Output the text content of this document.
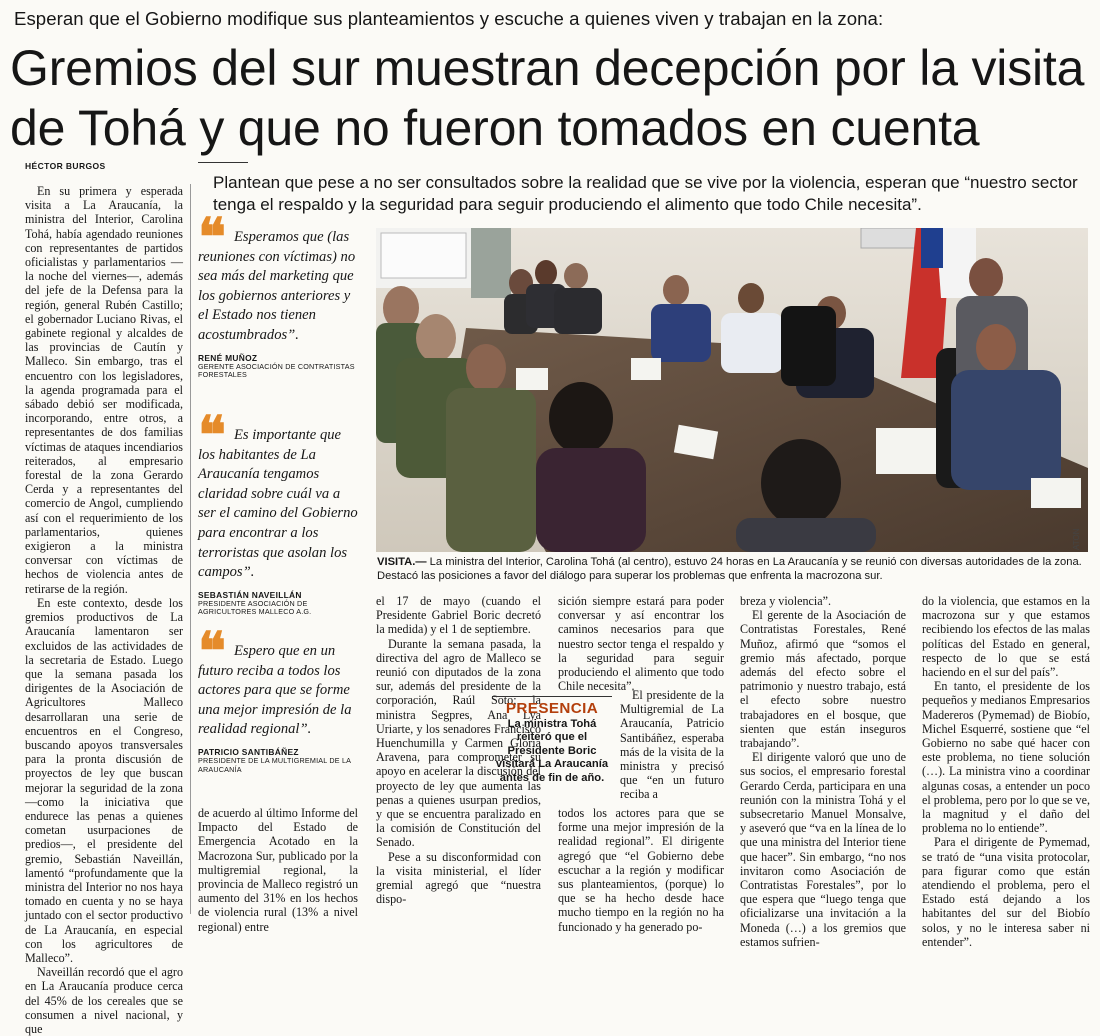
Esperan que el Gobierno modifique sus planteamientos y escuche a quienes viven y trabajan en la zona:
Gremios del sur muestran decepción por la visita de Tohá y que no fueron tomados en cuenta
HÉCTOR BURGOS

Plantean que pese a no ser consultados sobre la realidad que se vive por la violencia, esperan que “nuestro sector tenga el respaldo y la seguridad para seguir produciendo el alimento que todo Chile necesita”.

En su primera y esperada visita a La Araucanía, la ministra del Interior, Carolina Tohá, había agendado reuniones con representantes de partidos oficialistas y parlamentarios —la noche del viernes—, además del jefe de la Defensa para la región, general Rubén Castillo; el gobernador Luciano Rivas, el gabinete regional y alcaldes de las provincias de Cautín y Malleco. Sin embargo, tras el encuentro con los legisladores, la agenda programada para el sábado debió ser modificada, incorporando, entre otros, a representantes de dos familias víctimas de ataques incendiarios reiterados, al empresario forestal de la zona Gerardo Cerda y a representantes del comercio de Angol, cumpliendo así con el requerimiento de los parlamentarios, quienes exigieron a la ministra conversar con víctimas de hechos de violencia antes de retirarse de la región.

En este contexto, desde los gremios productivos de La Araucanía lamentaron ser excluidos de las actividades de la secretaria de Estado. Luego que la semana pasada los dirigentes de la Asociación de Agricultores Malleco desarrollaran una serie de encuentros en el Congreso, buscando apoyos transversales para la pronta discusión de proyectos de ley que buscan mejorar la seguridad de la zona —como la iniciativa que endurece las penas a quienes cometan usurpaciones de predios—, el presidente del gremio, Sebastián Naveillán, lamentó “profundamente que la ministra del Interior no nos haya tomado en cuenta y no se haya juntado con el sector productivo de La Araucanía, en especial con los agricultores de Malleco”.

Naveillán recordó que el agro en La Araucanía produce cerca del 45% de los cereales que se consumen a nivel nacional, y que

❝ Esperamos que (las reuniones con víctimas) no sea más del marketing que los gobiernos anteriores y el Estado nos tienen acostumbrados”.

RENÉ MUÑOZ
GERENTE ASOCIACIÓN DE CONTRATISTAS FORESTALES
❝ Es importante que los habitantes de La Araucanía tengamos claridad sobre cuál va a ser el camino del Gobierno para encontrar a los terroristas que asolan los campos”.

SEBASTIÁN NAVEILLÁN
PRESIDENTE ASOCIACIÓN DE AGRICULTORES MALLECO A.G.
❝ Espero que en un futuro reciba a todos los actores para que se forme una mejor impresión de la realidad regional”.

PATRICIO SANTIBÁÑEZ
PRESIDENTE DE LA MULTIGREMIAL DE LA ARAUCANÍA

de acuerdo al último Informe del Impacto del Estado de Emergencia Acotado en la Macrozona Sur, publicado por la multigremial regional, la provincia de Malleco registró un aumento del 31% en los hechos de violencia rural (13% a nivel regional) entre

ATON

VISITA.— La ministra del Interior, Carolina Tohá (al centro), estuvo 24 horas en La Araucanía y se reunió con diversas autoridades de la zona. Destacó las posiciones a favor del diálogo para superar los problemas que enfrenta la macrozona sur.

el 17 de mayo (cuando el Presidente Gabriel Boric decretó la medida) y el 1 de septiembre.

Durante la semana pasada, la directiva del agro de Malleco se reunió con diputados de la zona sur, además del presidente de la corporación, Raúl Soto; la ministra Segpres, Ana Lya Uriarte, y los senadores Francisco Huenchumilla y Carmen Gloria Aravena, para comprometer su apoyo en acelerar la discusión del proyecto de ley que aumenta las penas a quienes usurpan predios, y que se encuentra paralizado en la comisión de Constitución del Senado.

Pese a su disconformidad con la visita ministerial, el líder gremial agregó que “nuestra dispo-

sición siempre estará para poder conversar y así encontrar los caminos necesarios para que nuestro sector tenga el respaldo y la seguridad para seguir produciendo el alimento que todo Chile necesita”.

PRESENCIA
La ministra Tohá reiteró que el Presidente Boric visitará La Araucanía antes de fin de año.

El presidente de la Multigremial de La Araucanía, Patricio Santibáñez, esperaba más de la visita de la ministra y precisó que “en un futuro reciba a

todos los actores para que se forme una mejor impresión de la realidad regional”. El dirigente agregó que “el Gobierno debe escuchar a la región y modificar sus planteamientos, (porque) lo que se ha hecho desde hace mucho tiempo en la región no ha funcionado y ha generado po-

breza y violencia”.

El gerente de la Asociación de Contratistas Forestales, René Muñoz, afirmó que “somos el gremio más afectado, porque además del efecto sobre el patrimonio y nuestro trabajo, está el efecto sobre nuestro trabajadores en el bosque, que sienten que están inseguros trabajando”.

El dirigente valoró que uno de sus socios, el empresario forestal Gerardo Cerda, participara en una reunión con la ministra Tohá y el subsecretario Manuel Monsalve, y aseveró que “va en la línea de lo que una ministra del Interior tiene que hacer”. Sin embargo, “no nos invitaron como Asociación de Contratistas Forestales”, por lo que espera que “luego tenga que oficializarse una invitación a la Moneda (…) a los gremios que estamos sufrien-

do la violencia, que estamos en la macrozona sur y que estamos recibiendo los efectos de las malas políticas del Estado en general, respecto de lo que se está haciendo en el sur del país”.

En tanto, el presidente de los pequeños y medianos Empresarios Madereros (Pymemad) de Biobío, Michel Esquerré, sostiene que “el Gobierno no sabe qué hacer con este problema, no tiene solución (…). La ministra vino a coordinar algunas cosas, a entender un poco el problema, pero por lo que se ve, la magnitud y el daño del problema no lo entiende”.

Para el dirigente de Pymemad, se trató de “una visita protocolar, para figurar como que están atendiendo el problema, pero el Estado está dejando a los habitantes del sur del Biobío solos, y no le interesa saber ni entender”.
